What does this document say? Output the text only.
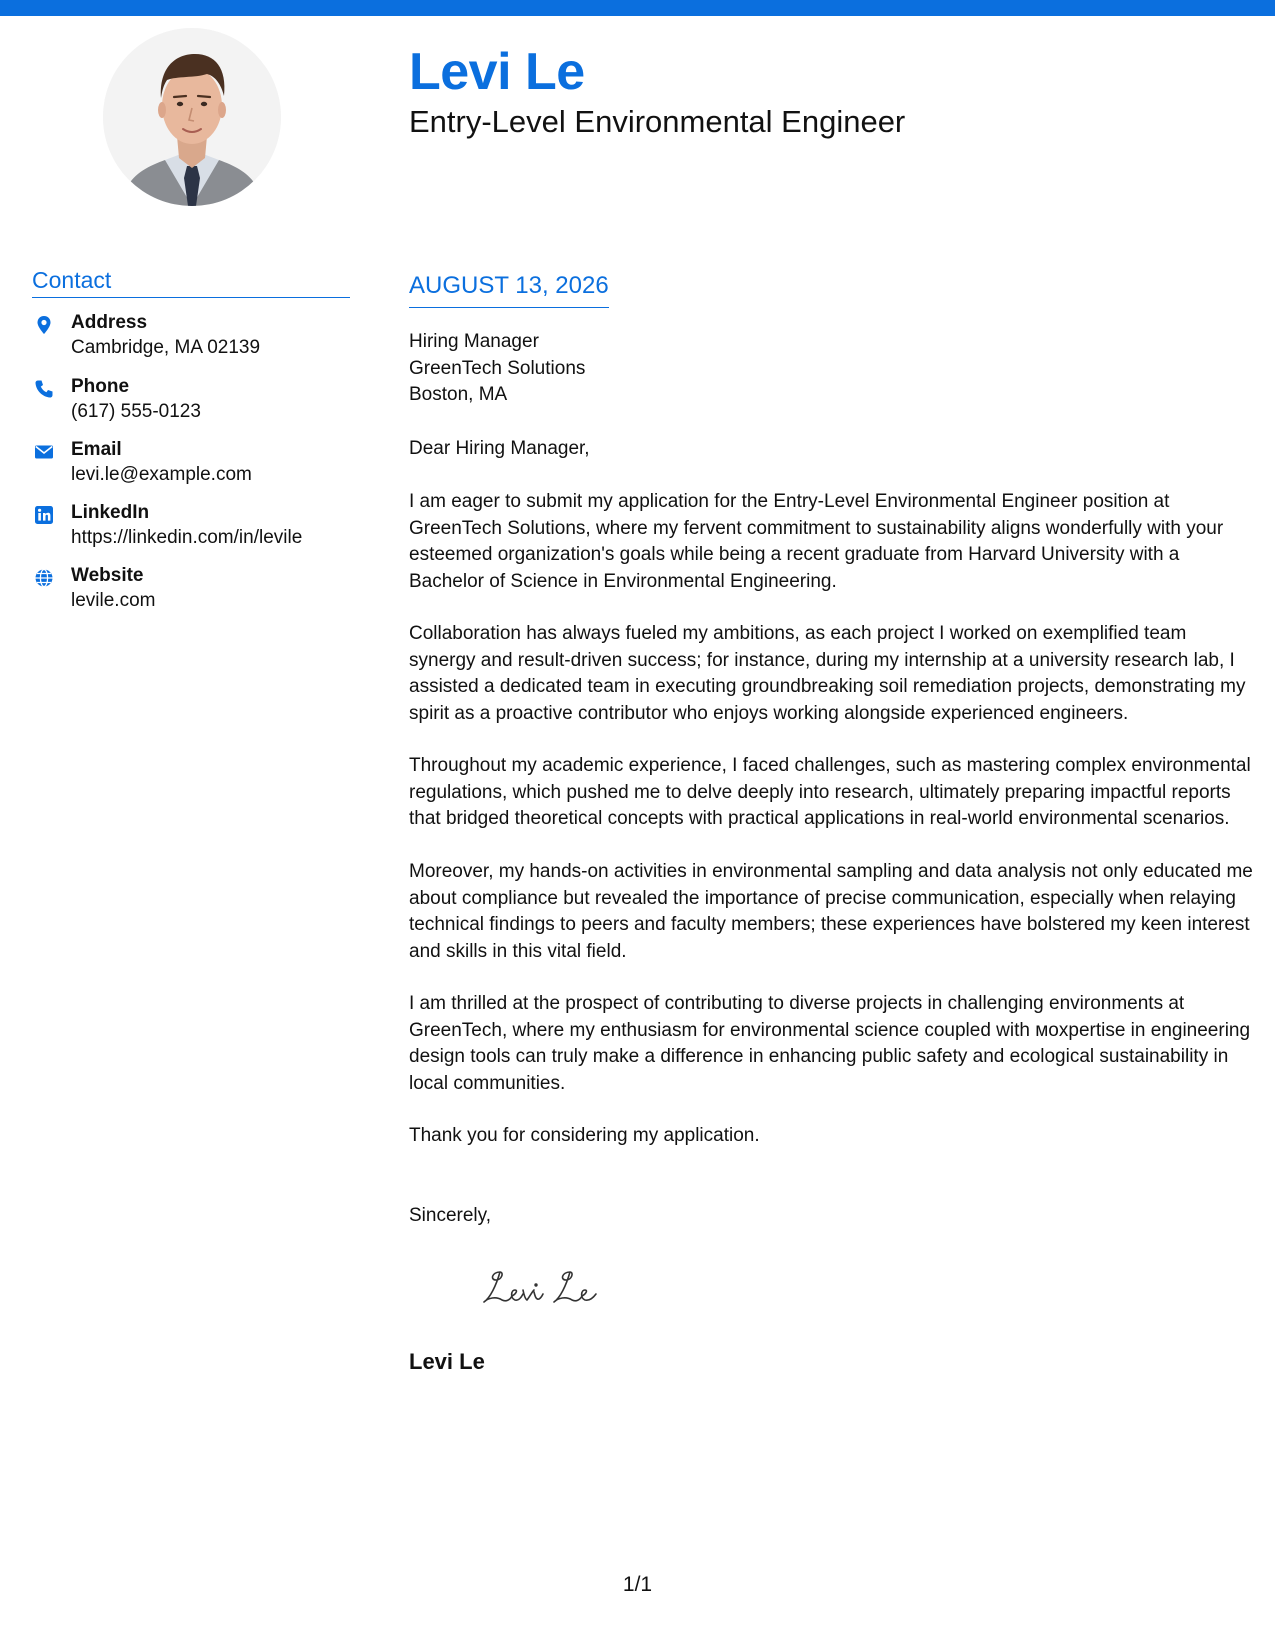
Levi Le
Entry-Level Environmental Engineer
Contact
Address
Cambridge, MA 02139
Phone
(617) 555-0123
Email
levi.le@example.com
LinkedIn
https://linkedin.com/in/levile
Website
levile.com
AUGUST 13, 2026
Hiring Manager
GreenTech Solutions
Boston, MA

Dear Hiring Manager,

I am eager to submit my application for the Entry-Level Environmental Engineer position at GreenTech Solutions, where my fervent commitment to sustainability aligns wonderfully with your esteemed organization's goals while being a recent graduate from Harvard University with a Bachelor of Science in Environmental Engineering.

Collaboration has always fueled my ambitions, as each project I worked on exemplified team synergy and result-driven success; for instance, during my internship at a university research lab, I assisted a dedicated team in executing groundbreaking soil remediation projects, demonstrating my spirit as a proactive contributor who enjoys working alongside experienced engineers.

Throughout my academic experience, I faced challenges, such as mastering complex environmental regulations, which pushed me to delve deeply into research, ultimately preparing impactful reports that bridged theoretical concepts with practical applications in real-world environmental scenarios.

Moreover, my hands-on activities in environmental sampling and data analysis not only educated me about compliance but revealed the importance of precise communication, especially when relaying technical findings to peers and faculty members; these experiences have bolstered my keen interest and skills in this vital field.

I am thrilled at the prospect of contributing to diverse projects in challenging environments at GreenTech, where my enthusiasm for environmental science coupled with мoxpertise in engineering design tools can truly make a difference in enhancing public safety and ecological sustainability in local communities.

Thank you for considering my application.

Sincerely,

Levi Le
1/1
